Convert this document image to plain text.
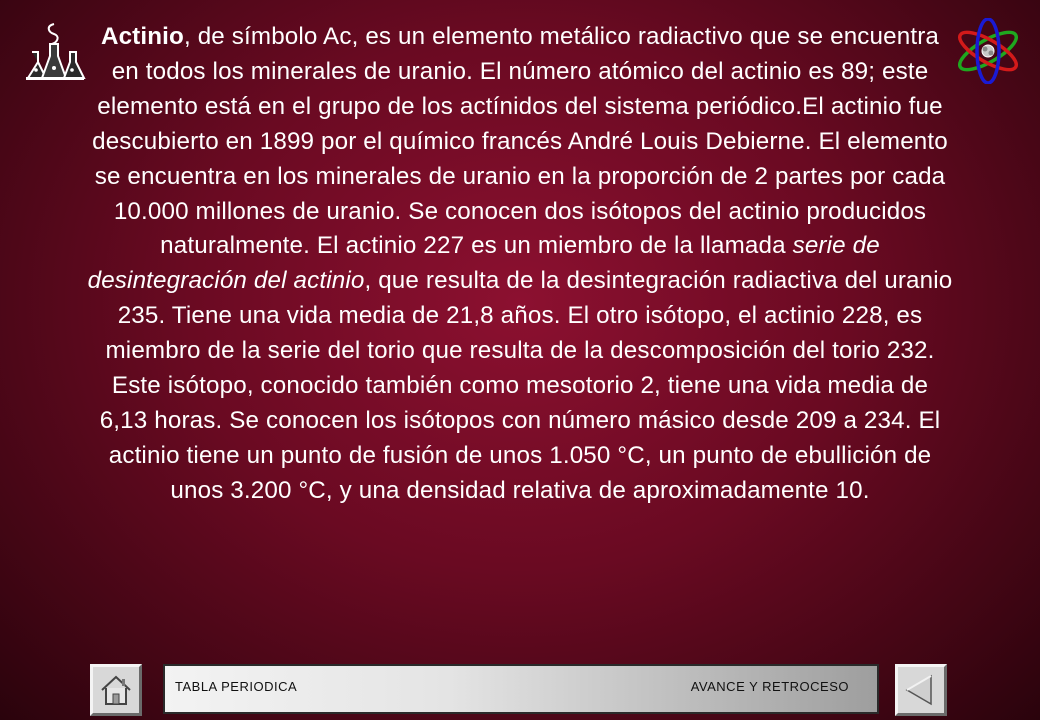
Actinio, de símbolo Ac, es un elemento metálico radiactivo que se encuentra en todos los minerales de uranio. El número atómico del actinio es 89; este elemento está en el grupo de los actínidos del sistema periódico.El actinio fue descubierto en 1899 por el químico francés André Louis Debierne. El elemento se encuentra en los minerales de uranio en la proporción de 2 partes por cada 10.000 millones de uranio. Se conocen dos isótopos del actinio producidos naturalmente. El actinio 227 es un miembro de la llamada serie de desintegración del actinio, que resulta de la desintegración radiactiva del uranio 235. Tiene una vida media de 21,8 años. El otro isótopo, el actinio 228, es miembro de la serie del torio que resulta de la descomposición del torio 232. Este isótopo, conocido también como mesotorio 2, tiene una vida media de 6,13 horas. Se conocen los isótopos con número másico desde 209 a 234. El actinio tiene un punto de fusión de unos 1.050 °C, un punto de ebullición de unos 3.200 °C, y una densidad relativa de aproximadamente 10.
TABLA PERIODICA	AVANCE Y RETROCESO
